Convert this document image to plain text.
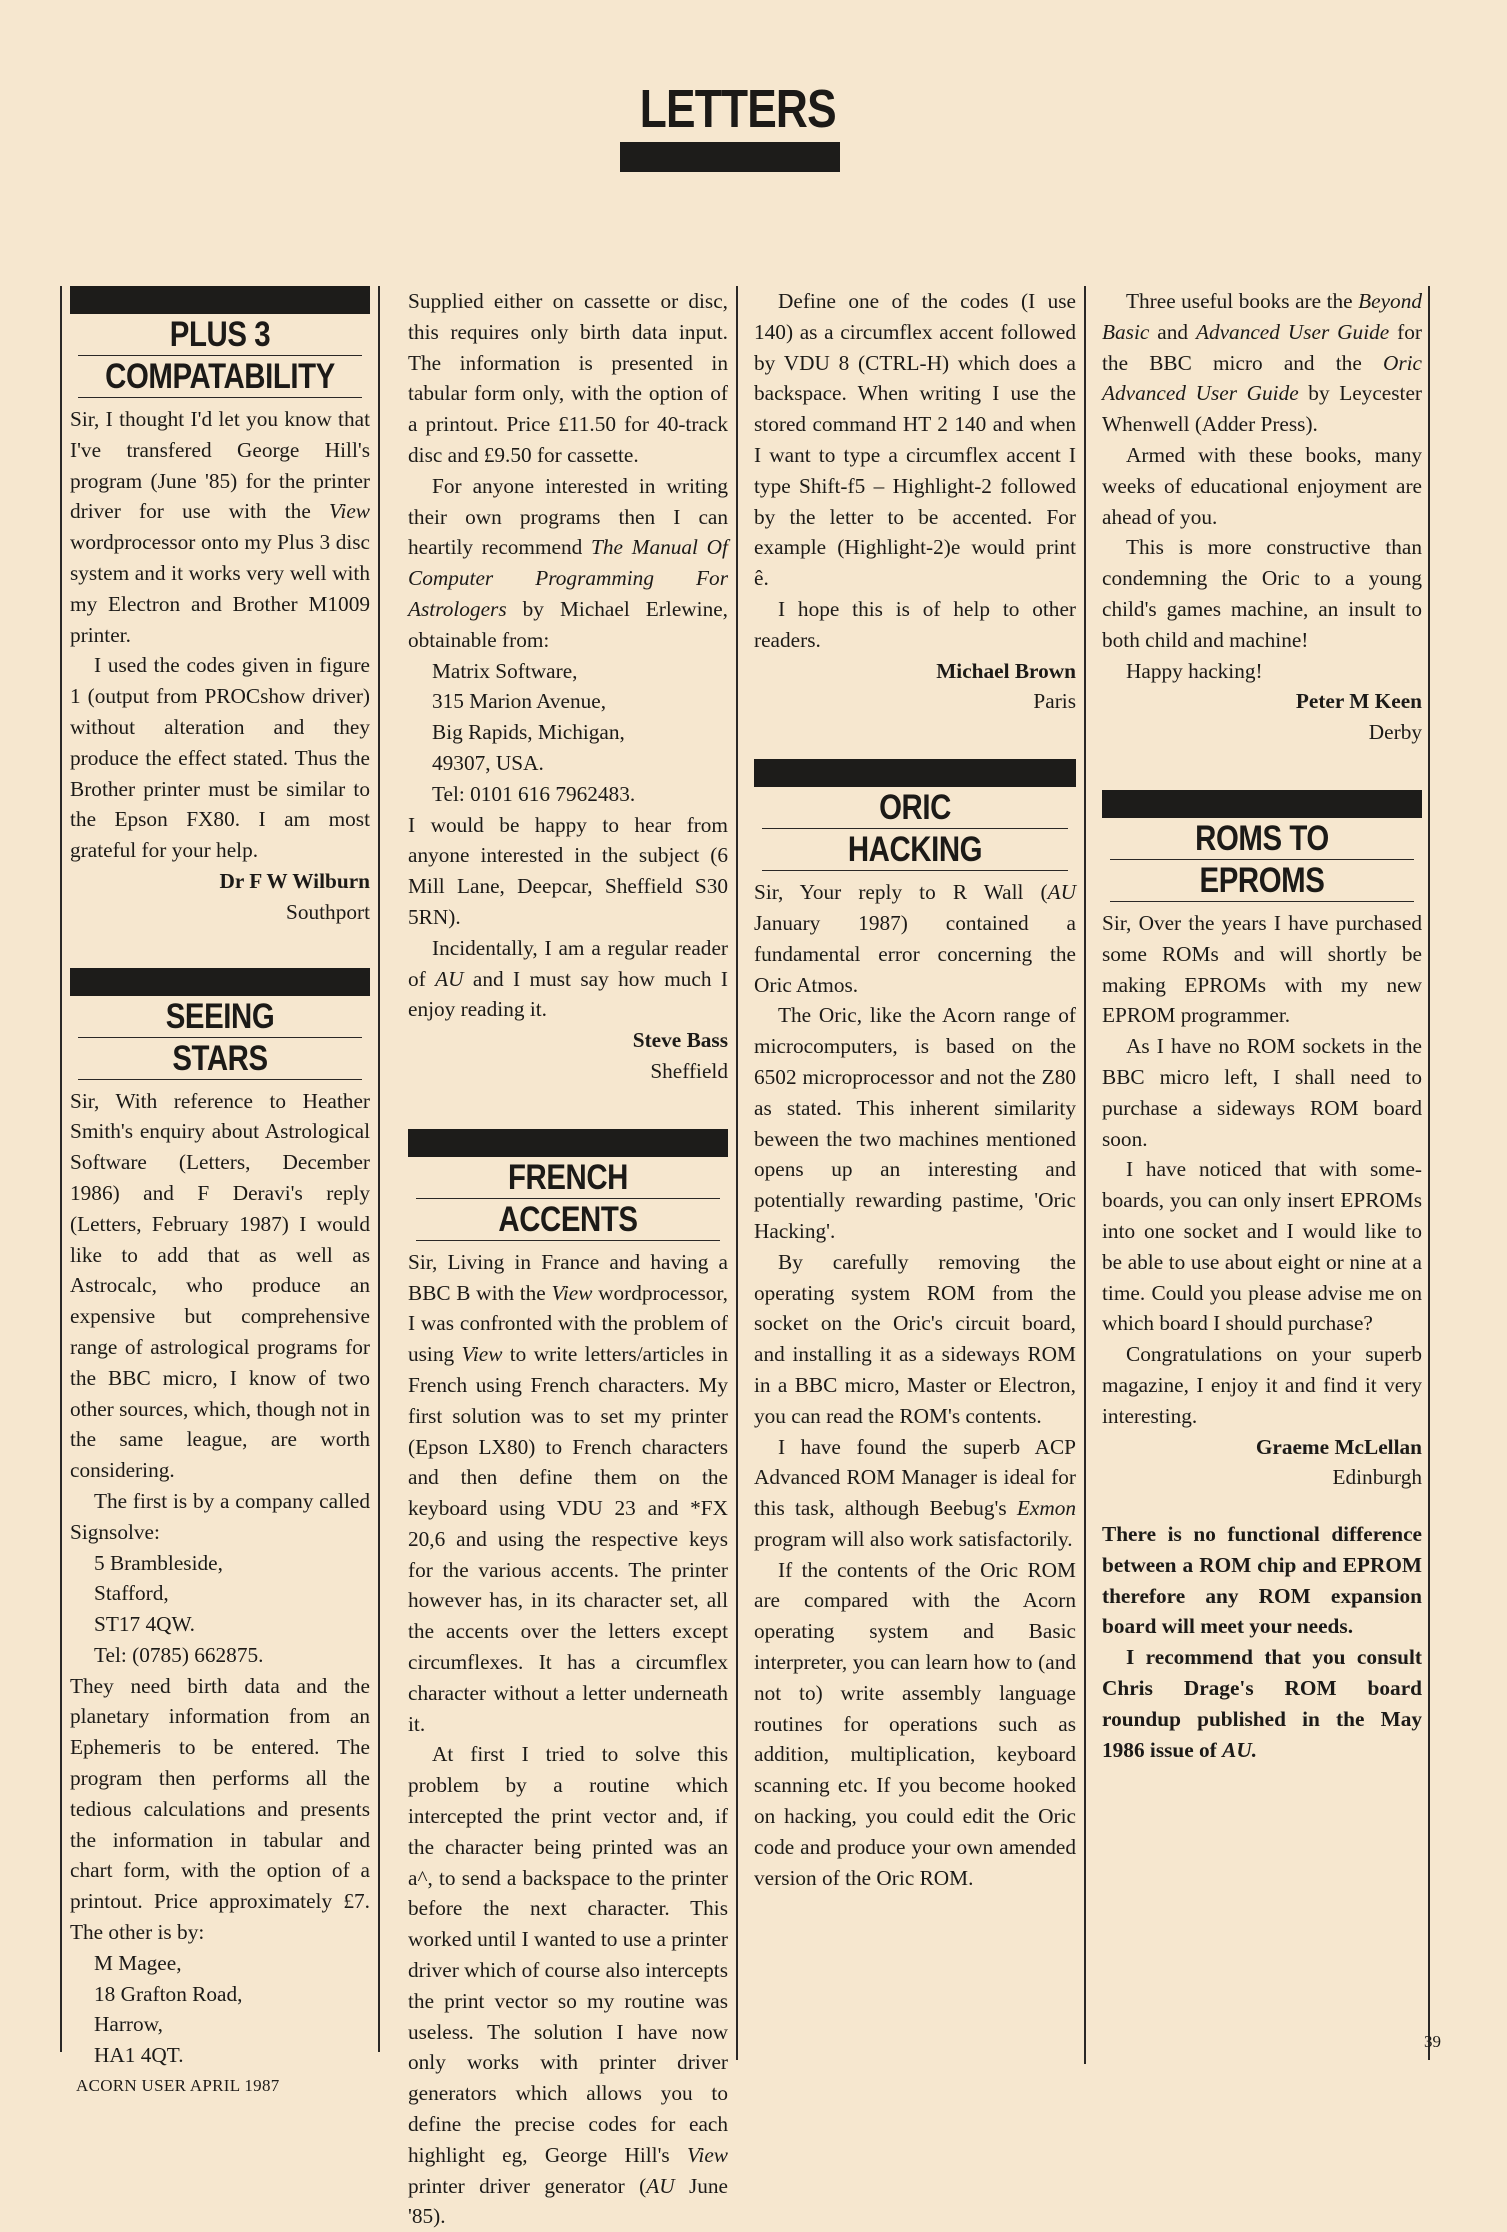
LETTERS
PLUS 3
COMPATABILITY

Sir, I thought I'd let you know that I've transfered George Hill's program (June '85) for the printer driver for use with the View wordprocessor onto my Plus 3 disc system and it works very well with my Electron and Brother M1009 printer.

I used the codes given in figure 1 (output from PROCshow driver) without alteration and they produce the effect stated. Thus the Brother printer must be similar to the Epson FX80. I am most grateful for your help.

Dr F W Wilburn

Southport

SEEING
STARS

Sir, With reference to Heather Smith's enquiry about Astrological Software (Letters, December 1986) and F Deravi's reply (Letters, February 1987) I would like to add that as well as Astrocalc, who produce an expensive but comprehensive range of astrological programs for the BBC micro, I know of two other sources, which, though not in the same league, are worth considering.

The first is by a company called Signsolve:

5 Brambleside,

Stafford,

ST17 4QW.

Tel: (0785) 662875.

They need birth data and the planetary information from an Ephemeris to be entered. The program then performs all the tedious calculations and presents the information in tabular and chart form, with the option of a printout. Price approximately £7. The other is by:

M Magee,

18 Grafton Road,

Harrow,

HA1 4QT.

Supplied either on cassette or disc, this requires only birth data input. The information is presented in tabular form only, with the option of a printout. Price £11.50 for 40-track disc and £9.50 for cassette.

For anyone interested in writing their own programs then I can heartily recommend The Manual Of Computer Programming For Astrologers by Michael Erlewine, obtainable from:

Matrix Software,

315 Marion Avenue,

Big Rapids, Michigan,

49307, USA.

Tel: 0101 616 7962483.

I would be happy to hear from anyone interested in the subject (6 Mill Lane, Deepcar, Sheffield S30 5RN).

Incidentally, I am a regular reader of AU and I must say how much I enjoy reading it.

Steve Bass

Sheffield

FRENCH
ACCENTS

Sir, Living in France and having a BBC B with the View wordprocessor, I was confronted with the problem of using View to write letters/articles in French using French characters. My first solution was to set my printer (Epson LX80) to French characters and then define them on the keyboard using VDU 23 and *FX 20,6 and using the respective keys for the various accents. The printer however has, in its character set, all the accents over the letters except circumflexes. It has a circumflex character without a letter underneath it.

At first I tried to solve this problem by a routine which intercepted the print vector and, if the character being printed was an a^, to send a backspace to the printer before the next character. This worked until I wanted to use a printer driver which of course also intercepts the print vector so my routine was useless. The solution I have now only works with printer driver generators which allows you to define the precise codes for each highlight eg, George Hill's View printer driver generator (AU June '85).

Define one of the codes (I use 140) as a circumflex accent followed by VDU 8 (CTRL-H) which does a backspace. When writing I use the stored command HT 2 140 and when I want to type a circumflex accent I type Shift-f5 – Highlight-2 followed by the letter to be accented. For example (Highlight-2)e would print ê.

I hope this is of help to other readers.

Michael Brown

Paris

ORIC
HACKING

Sir, Your reply to R Wall (AU January 1987) contained a fundamental error concerning the Oric Atmos.

The Oric, like the Acorn range of microcomputers, is based on the 6502 microprocessor and not the Z80 as stated. This inherent similarity beween the two machines mentioned opens up an interesting and potentially rewarding pastime, 'Oric Hacking'.

By carefully removing the operating system ROM from the socket on the Oric's circuit board, and installing it as a sideways ROM in a BBC micro, Master or Electron, you can read the ROM's contents.

I have found the superb ACP Advanced ROM Manager is ideal for this task, although Beebug's Exmon program will also work satisfactorily.

If the contents of the Oric ROM are compared with the Acorn operating system and Basic interpreter, you can learn how to (and not to) write assembly language routines for operations such as addition, multiplication, keyboard scanning etc. If you become hooked on hacking, you could edit the Oric code and produce your own amended version of the Oric ROM.

Three useful books are the Beyond Basic and Advanced User Guide for the BBC micro and the Oric Advanced User Guide by Leycester Whenwell (Adder Press).

Armed with these books, many weeks of educational enjoyment are ahead of you.

This is more constructive than condemning the Oric to a young child's games machine, an insult to both child and machine!

Happy hacking!

Peter M Keen

Derby

ROMS TO
EPROMS

Sir, Over the years I have purchased some ROMs and will shortly be making EPROMs with my new EPROM programmer.

As I have no ROM sockets in the BBC micro left, I shall need to purchase a sideways ROM board soon.

I have noticed that with some-boards, you can only insert EPROMs into one socket and I would like to be able to use about eight or nine at a time. Could you please advise me on which board I should purchase?

Congratulations on your superb magazine, I enjoy it and find it very interesting.

Graeme McLellan

Edinburgh

There is no functional difference between a ROM chip and EPROM therefore any ROM expansion board will meet your needs.

I recommend that you consult Chris Drage's ROM board roundup published in the May 1986 issue of AU.

ACORN USER APRIL 1987
39
